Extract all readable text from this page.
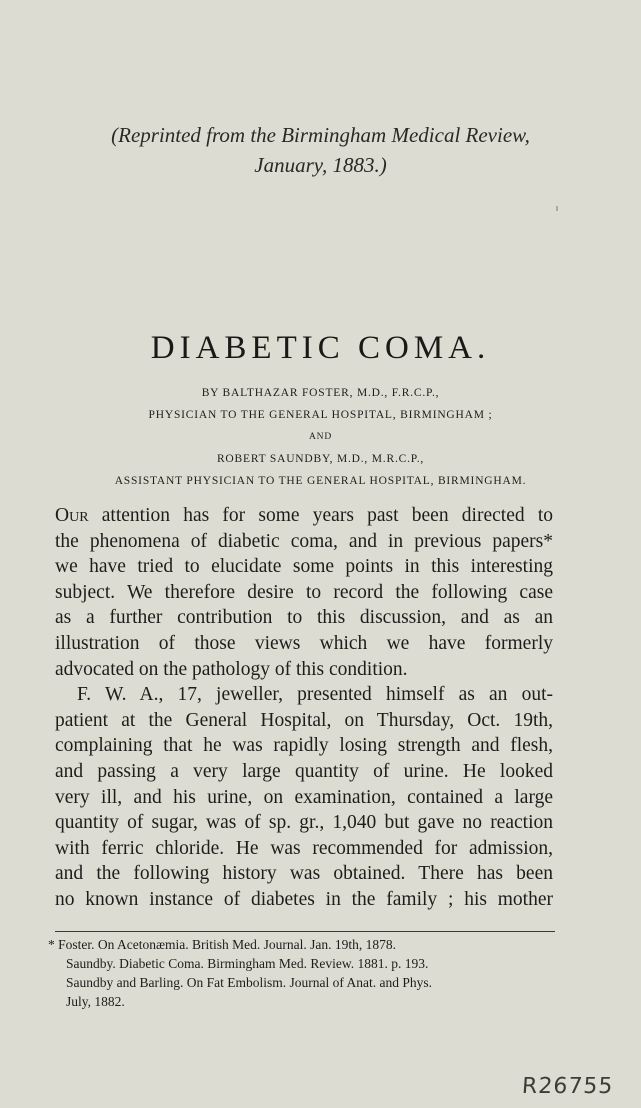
(Reprinted from the Birmingham Medical Review,
January, 1883.)
DIABETIC COMA.
BY BALTHAZAR FOSTER, M.D., F.R.C.P.,
PHYSICIAN TO THE GENERAL HOSPITAL, BIRMINGHAM ;
AND
ROBERT SAUNDBY, M.D., M.R.C.P.,
ASSISTANT PHYSICIAN TO THE GENERAL HOSPITAL, BIRMINGHAM.
Our attention has for some years past been directed to
the phenomena of diabetic coma, and in previous papers*
we have tried to elucidate some points in this interesting
subject. We therefore desire to record the following case
as a further contribution to this discussion, and as an
illustration of those views which we have formerly
advocated on the pathology of this condition.
F. W. A., 17, jeweller, presented himself as an out-
patient at the General Hospital, on Thursday, Oct. 19th,
complaining that he was rapidly losing strength and flesh,
and passing a very large quantity of urine. He looked
very ill, and his urine, on examination, contained a large
quantity of sugar, was of sp. gr., 1,040 but gave no reaction
with ferric chloride. He was recommended for admission,
and the following history was obtained. There has been
no known instance of diabetes in the family ; his mother
* Foster. On Acetonæmia. British Med. Journal. Jan. 19th, 1878.
Saundby. Diabetic Coma. Birmingham Med. Review. 1881. p. 193.
Saundby and Barling. On Fat Embolism. Journal of Anat. and Phys.
July, 1882.
R26755
